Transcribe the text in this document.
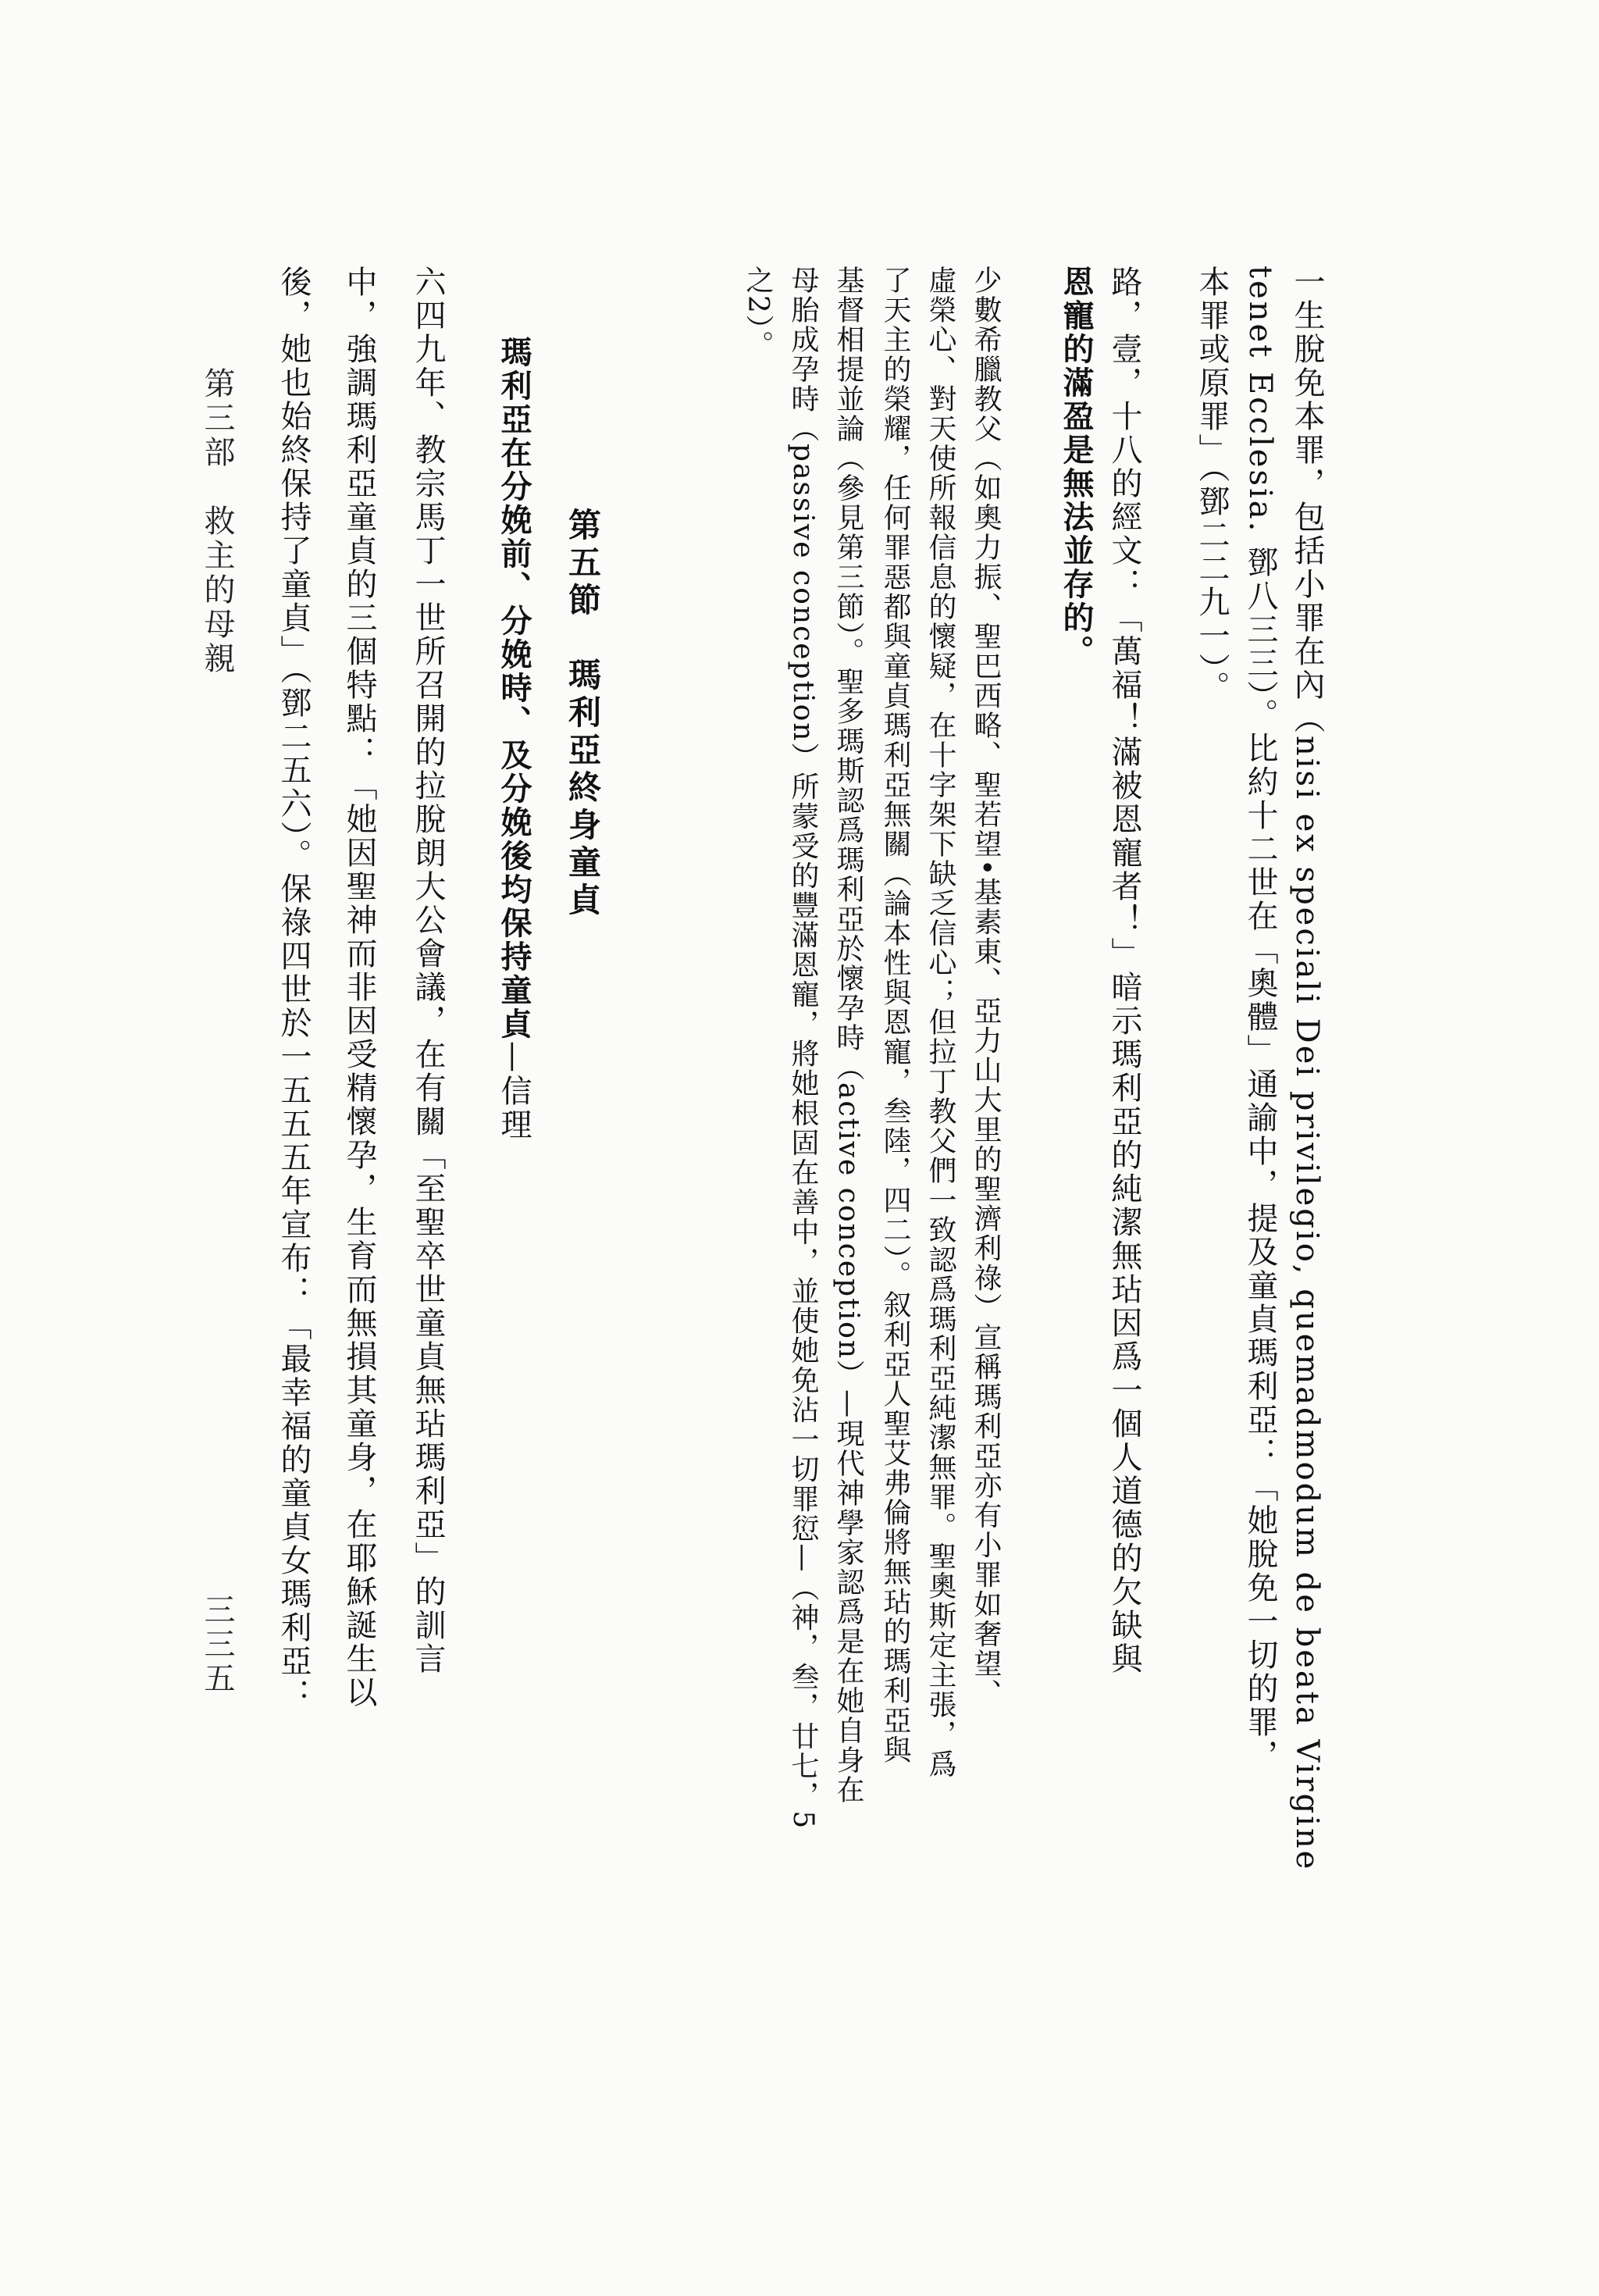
一生脫免本罪，包括小罪在內（nisi ex speciali Dei privilegio, quemadmodum de beata Virgine
tenet Ecclesia. 鄧八三三）。比約十二世在「奧體」通諭中，提及童貞瑪利亞：「她脫免一切的罪，
本罪或原罪」（鄧二二九一）。
路，壹，十八的經文：「萬福！滿被恩寵者！」暗示瑪利亞的純潔無玷因爲一個人道德的欠缺與
恩寵的滿盈是無法並存的。
少數希臘教父（如奧力振、聖巴西略、聖若望•基素東、亞力山大里的聖濟利祿）宣稱瑪利亞亦有小罪如奢望、
虛榮心、對天使所報信息的懷疑，在十字架下缺乏信心；但拉丁教父們一致認爲瑪利亞純潔無罪。聖奧斯定主張，爲
了天主的榮耀，任何罪惡都與童貞瑪利亞無關（論本性與恩寵，叁陸，四二）。叙利亞人聖艾弗倫將無玷的瑪利亞與
基督相提並論（參見第三節）。聖多瑪斯認爲瑪利亞於懷孕時（active conception）—現代神學家認爲是在她自身在
母胎成孕時（passive conception）所蒙受的豐滿恩寵，將她根固在善中，並使她免沾一切罪愆—（神，叁，廿七，5
之2）。
第五節　瑪利亞終身童貞
瑪利亞在分娩前、分娩時、及分娩後均保持童貞—信理
六四九年、教宗馬丁一世所召開的拉脫朗大公會議，在有關「至聖卒世童貞無玷瑪利亞」的訓言
中，強調瑪利亞童貞的三個特點：「她因聖神而非因受精懷孕，生育而無損其童身，在耶穌誕生以
後，她也始終保持了童貞」（鄧二五六）。保祿四世於一五五五年宣布：「最幸福的童貞女瑪利亞：
第三部　救主的母親
三三五
